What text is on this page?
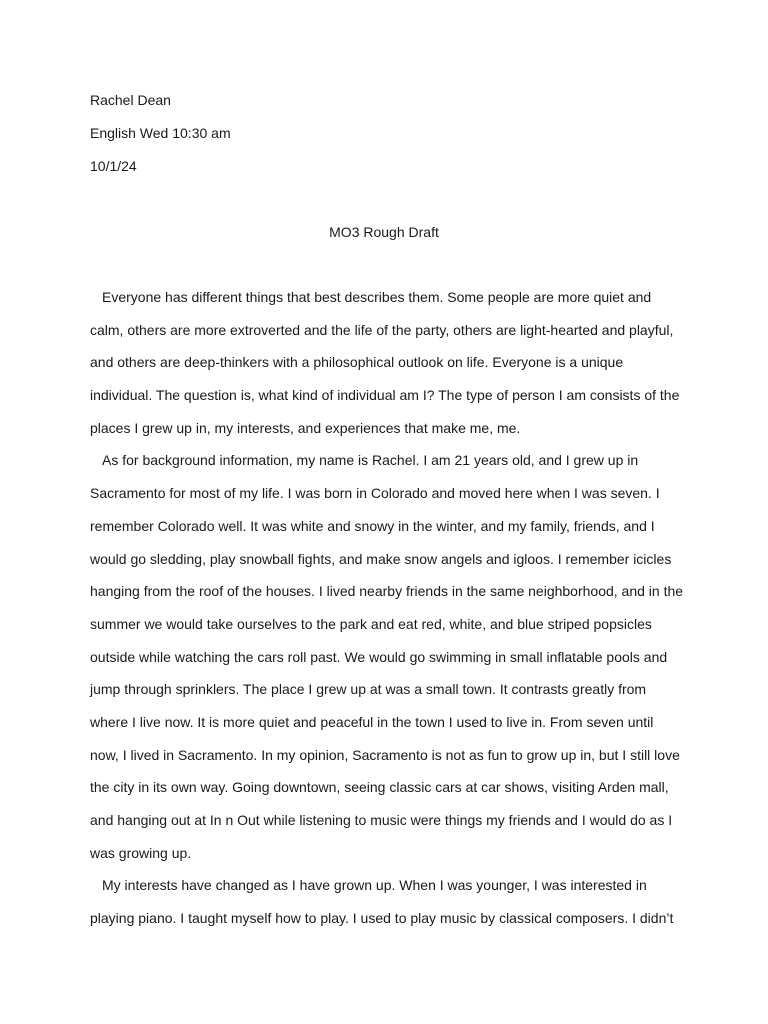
Rachel Dean
English Wed 10:30 am
10/1/24
MO3 Rough Draft
Everyone has different things that best describes them. Some people are more quiet and
calm, others are more extroverted and the life of the party, others are light-hearted and playful,
and others are deep-thinkers with a philosophical outlook on life. Everyone is a unique
individual. The question is, what kind of individual am I? The type of person I am consists of the
places I grew up in, my interests, and experiences that make me, me.
As for background information, my name is Rachel. I am 21 years old, and I grew up in
Sacramento for most of my life. I was born in Colorado and moved here when I was seven. I
remember Colorado well. It was white and snowy in the winter, and my family, friends, and I
would go sledding, play snowball fights, and make snow angels and igloos. I remember icicles
hanging from the roof of the houses. I lived nearby friends in the same neighborhood, and in the
summer we would take ourselves to the park and eat red, white, and blue striped popsicles
outside while watching the cars roll past. We would go swimming in small inflatable pools and
jump through sprinklers. The place I grew up at was a small town. It contrasts greatly from
where I live now. It is more quiet and peaceful in the town I used to live in. From seven until
now, I lived in Sacramento. In my opinion, Sacramento is not as fun to grow up in, but I still love
the city in its own way. Going downtown, seeing classic cars at car shows, visiting Arden mall,
and hanging out at In n Out while listening to music were things my friends and I would do as I
was growing up.
My interests have changed as I have grown up. When I was younger, I was interested in
playing piano. I taught myself how to play. I used to play music by classical composers. I didn’t
